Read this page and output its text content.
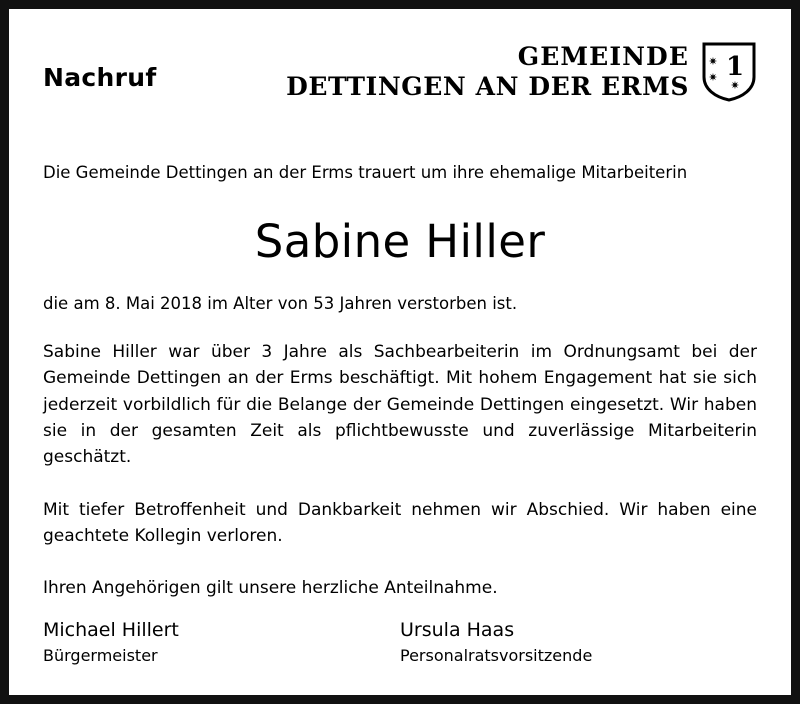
Nachruf
GEMEINDE
DETTINGEN AN DER ERMS
1
✷
✷
✷
Die Gemeinde Dettingen an der Erms trauert um ihre ehemalige Mitarbeiterin
Sabine Hiller
die am 8. Mai 2018 im Alter von 53 Jahren verstorben ist.
Sabine Hiller war über 3 Jahre als Sachbearbeiterin im Ordnungsamt bei der Gemeinde Dettingen an der Erms beschäftigt. Mit hohem Engagement hat sie sich jederzeit vorbildlich für die Belange der Gemeinde Dettingen eingesetzt. Wir haben sie in der gesamten Zeit als pflichtbewusste und zuverlässige Mitarbeiterin geschätzt.
Mit tiefer Betroffenheit und Dankbarkeit nehmen wir Abschied. Wir haben eine geachtete Kollegin verloren.
Ihren Angehörigen gilt unsere herzliche Anteilnahme.
Michael Hillert
Bürgermeister
Ursula Haas
Personalratsvorsitzende
